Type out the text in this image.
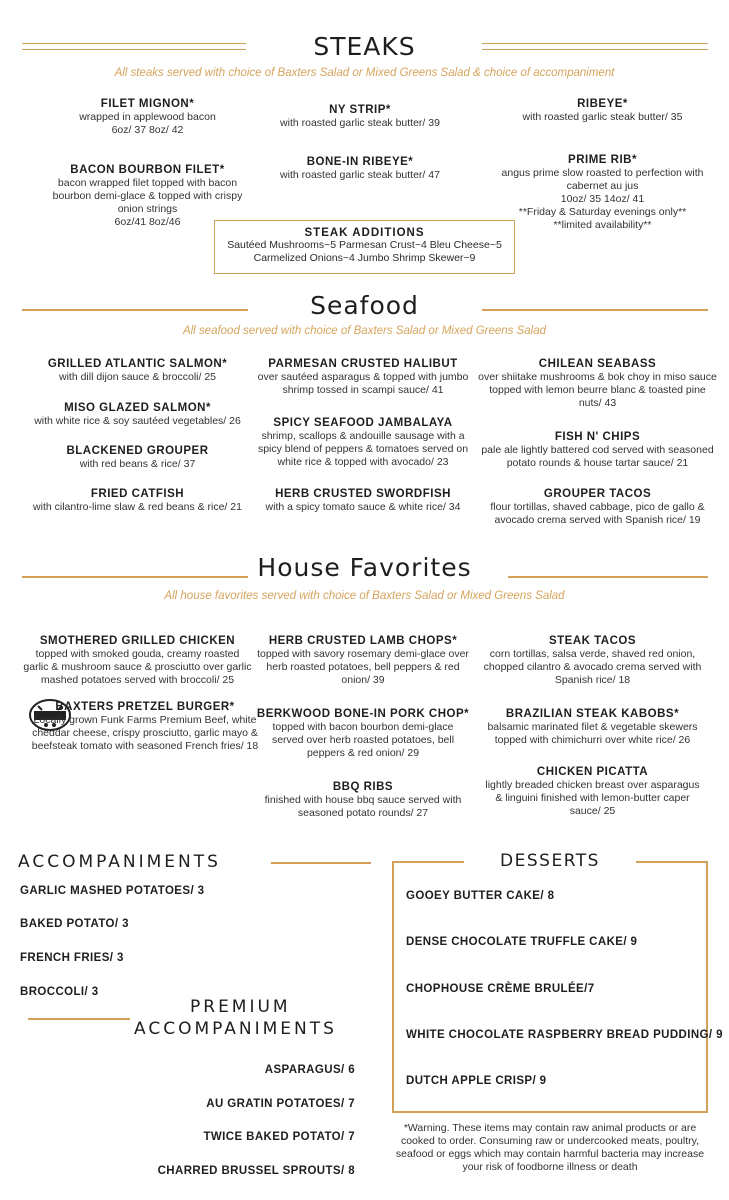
STEAKS
All steaks served with choice of Baxters Salad or Mixed Greens Salad & choice of accompaniment
FILET MIGNON*
wrapped in applewood bacon
6oz/ 37 8oz/ 42
NY STRIP*
with roasted garlic steak butter/ 39
RIBEYE*
with roasted garlic steak butter/ 35
BACON BOURBON FILET*
bacon wrapped filet topped with bacon
bourbon demi-glace & topped with crispy
onion strings
6oz/41 8oz/46
BONE-IN RIBEYE*
with roasted garlic steak butter/ 47
PRIME RIB*
angus prime slow roasted to perfection with
cabernet au jus
10oz/ 35 14oz/ 41
**Friday & Saturday evenings only**
**limited availability**
STEAK ADDITIONS
Sautéed Mushrooms~5 Parmesan Crust~4 Bleu Cheese~5
Carmelized Onions~4 Jumbo Shrimp Skewer~9
Seafood
All seafood served with choice of Baxters Salad or Mixed Greens Salad
GRILLED ATLANTIC SALMON*
with dill dijon sauce & broccoli/ 25
PARMESAN CRUSTED HALIBUT
over sautéed asparagus & topped with jumbo
shrimp tossed in scampi sauce/ 41
CHILEAN SEABASS
over shiitake mushrooms & bok choy in miso sauce
topped with lemon beurre blanc & toasted pine
nuts/ 43
MISO GLAZED SALMON*
with white rice & soy sautéed vegetables/ 26	SPICY SEAFOOD JAMBALAYA
shrimp, scallops & andouille sausage with a
spicy blend of peppers & tomatoes served on
white rice & topped with avocado/ 23
FISH N' CHIPS
pale ale lightly battered cod served with seasoned
potato rounds & house tartar sauce/ 21
BLACKENED GROUPER
with red beans & rice/ 37
FRIED CATFISH
with cilantro-lime slaw & red beans & rice/ 21
HERB CRUSTED SWORDFISH
with a spicy tomato sauce & white rice/ 34
GROUPER TACOS
flour tortillas, shaved cabbage, pico de gallo &
avocado crema served with Spanish rice/ 19
House Favorites
All house favorites served with choice of Baxters Salad or Mixed Greens Salad
SMOTHERED GRILLED CHICKEN
topped with smoked gouda, creamy roasted
garlic & mushroom sauce & prosciutto over garlic
mashed potatoes served with broccoli/ 25
HERB CRUSTED LAMB CHOPS*
topped with savory rosemary demi-glace over
herb roasted potatoes, bell peppers & red
onion/ 39
STEAK TACOS
corn tortillas, salsa verde, shaved red onion,
chopped cilantro & avocado crema served with
Spanish rice/ 18
BAXTERS PRETZEL BURGER*
Locally grown Funk Farms Premium Beef, white
cheddar cheese, crispy prosciutto, garlic mayo &
beefsteak tomato with seasoned French fries/ 18
BERKWOOD BONE-IN PORK CHOP*
topped with bacon bourbon demi-glace
served over herb roasted potatoes, bell
peppers & red onion/ 29
BRAZILIAN STEAK KABOBS*
balsamic marinated filet & vegetable skewers
topped with chimichurri over white rice/ 26
BBQ RIBS
finished with house bbq sauce served with
seasoned potato rounds/ 27
CHICKEN PICATTA
lightly breaded chicken breast over asparagus
& linguini finished with lemon-butter caper
sauce/ 25
ACCOMPANIMENTS
GARLIC MASHED POTATOES/ 3
BAKED POTATO/ 3
FRENCH FRIES/ 3
BROCCOLI/ 3
PREMIUM
ACCOMPANIMENTS
ASPARAGUS/ 6
AU GRATIN POTATOES/ 7
TWICE BAKED POTATO/ 7
CHARRED BRUSSEL SPROUTS/ 8
DESSERTS
GOOEY BUTTER CAKE/ 8
DENSE CHOCOLATE TRUFFLE CAKE/ 9
CHOPHOUSE CRÈME BRULÉE/7
WHITE CHOCOLATE RASPBERRY BREAD PUDDING/ 9
DUTCH APPLE CRISP/ 9
*Warning. These items may contain raw animal products or are
cooked to order. Consuming raw or undercooked meats, poultry,
seafood or eggs which may contain harmful bacteria may increase
your risk of foodborne illness or death
